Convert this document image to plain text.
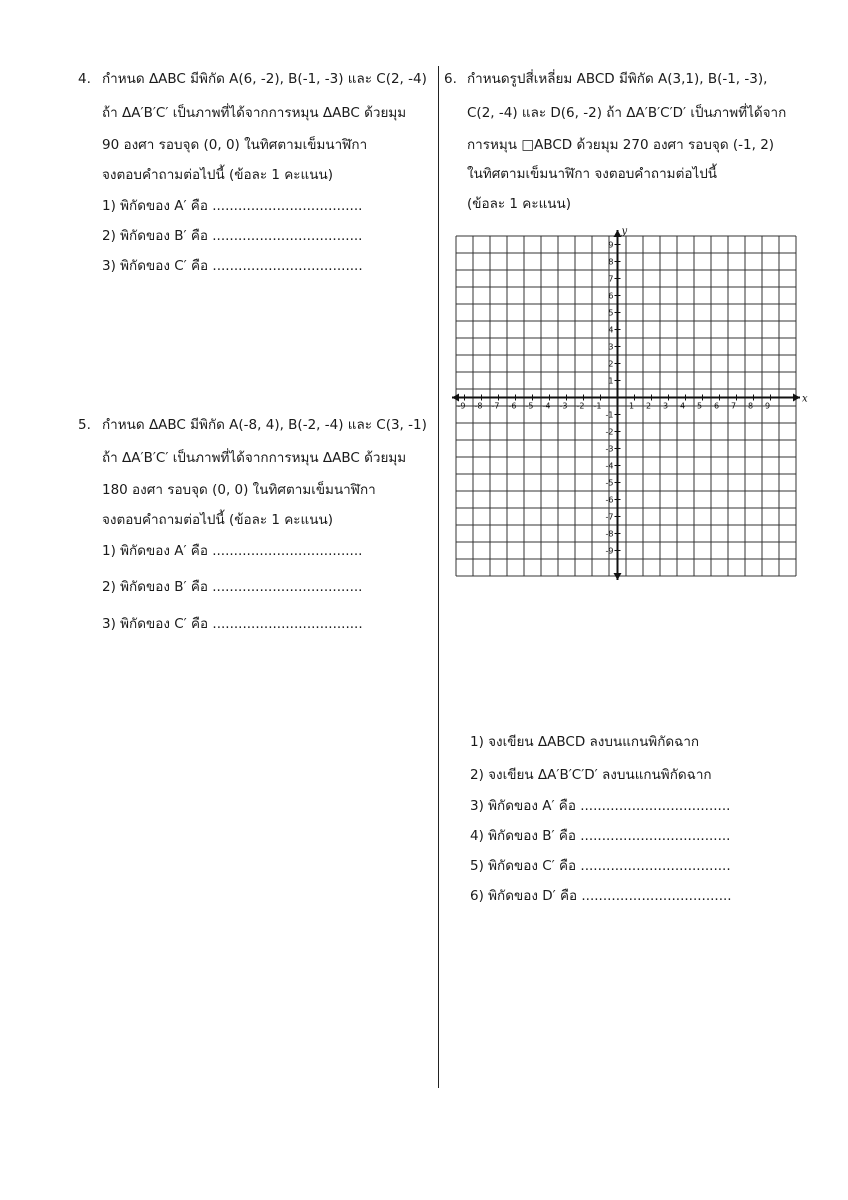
4. กำหนด ΔABC มีพิกัด A(6, -2), B(-1, -3) และ C(2, -4)
ถ้า ΔA′B′C′ เป็นภาพที่ได้จากการหมุน ΔABC ด้วยมุม
90 องศา รอบจุด (0, 0) ในทิศตามเข็มนาฬิกา
จงตอบคำถามต่อไปนี้ (ข้อละ 1 คะแนน)
1) พิกัดของ A′ คือ ...................................
2) พิกัดของ B′ คือ ...................................
3) พิกัดของ C′ คือ ...................................
5. กำหนด ΔABC มีพิกัด A(-8, 4), B(-2, -4) และ C(3, -1)
ถ้า ΔA′B′C′ เป็นภาพที่ได้จากการหมุน ΔABC ด้วยมุม
180 องศา รอบจุด (0, 0) ในทิศตามเข็มนาฬิกา
จงตอบคำถามต่อไปนี้ (ข้อละ 1 คะแนน)
1) พิกัดของ A′ คือ ...................................
2) พิกัดของ B′ คือ ...................................
3) พิกัดของ C′ คือ ...................................
6. กำหนดรูปสี่เหลี่ยม ABCD มีพิกัด A(3,1), B(-1, -3),
C(2, -4) และ D(6, -2) ถ้า ΔA′B′C′D′ เป็นภาพที่ได้จาก
การหมุน □ABCD ด้วยมุม 270 องศา รอบจุด (-1, 2)
ในทิศตามเข็มนาฬิกา จงตอบคำถามต่อไปนี้
(ข้อละ 1 คะแนน)
x
y
-9 -8 -7 -6 -5 -4 -3 -2 -1	1 2 3 4 5 6 7 8 9
9
8
7
6
5
4
3
2
1
-1
-2
-3
-4
-5
-6
-7
-8
-9
1) จงเขียน ΔABCD ลงบนแกนพิกัดฉาก
2) จงเขียน ΔA′B′C′D′ ลงบนแกนพิกัดฉาก
3) พิกัดของ A′ คือ ...................................
4) พิกัดของ B′ คือ ...................................
5) พิกัดของ C′ คือ ...................................
6) พิกัดของ D′ คือ ...................................
